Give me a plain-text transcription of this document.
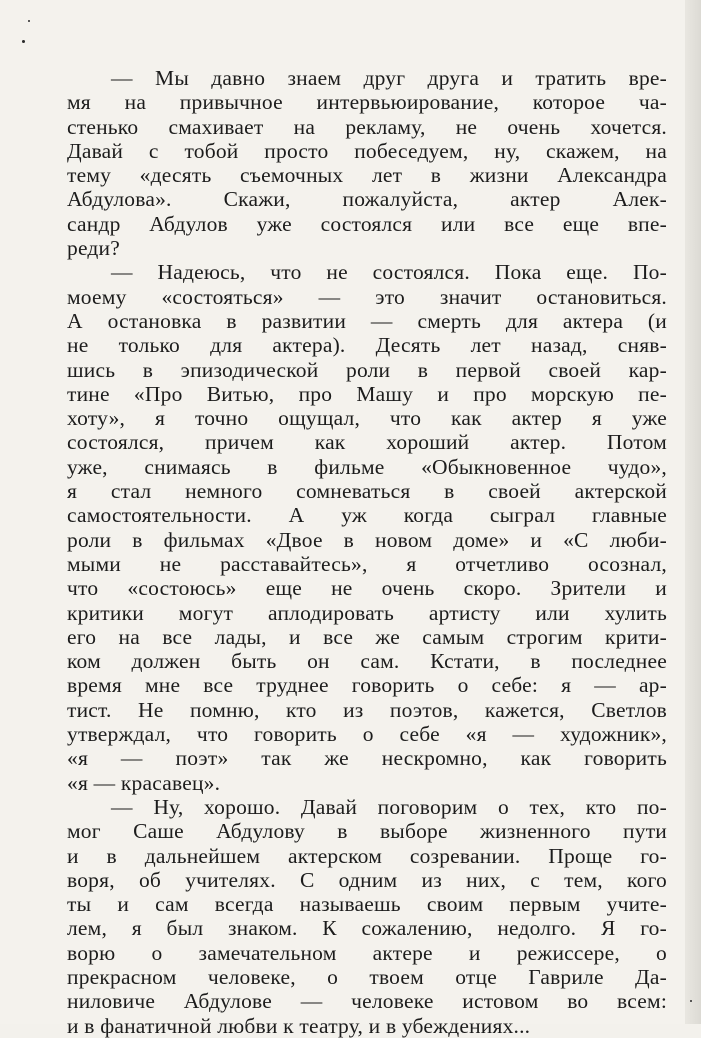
— Мы давно знаем друг друга и тратить вре-
мя на привычное интервьюирование, которое ча-
стенько смахивает на рекламу, не очень хочется.
Давай с тобой просто побеседуем, ну, скажем, на
тему «десять съемочных лет в жизни Александра
Абдулова». Скажи, пожалуйста, актер Алек-
сандр Абдулов уже состоялся или все еще впе-
реди?
— Надеюсь, что не состоялся. Пока еще. По-
моему «состояться» — это значит остановиться.
А остановка в развитии — смерть для актера (и
не только для актера). Десять лет назад, сняв-
шись в эпизодической роли в первой своей кар-
тине «Про Витью, про Машу и про морскую пе-
хоту», я точно ощущал, что как актер я уже
состоялся, причем как хороший актер. Потом
уже, снимаясь в фильме «Обыкновенное чудо»,
я стал немного сомневаться в своей актерской
самостоятельности. А уж когда сыграл главные
роли в фильмах «Двое в новом доме» и «С люби-
мыми не расставайтесь», я отчетливо осознал,
что «состоюсь» еще не очень скоро. Зрители и
критики могут аплодировать артисту или хулить
его на все лады, и все же самым строгим крити-
ком должен быть он сам. Кстати, в последнее
время мне все труднее говорить о себе: я — ар-
тист. Не помню, кто из поэтов, кажется, Светлов
утверждал, что говорить о себе «я — художник»,
«я — поэт» так же нескромно, как говорить
«я — красавец».
— Ну, хорошо. Давай поговорим о тех, кто по-
мог Саше Абдулову в выборе жизненного пути
и в дальнейшем актерском созревании. Проще го-
воря, об учителях. С одним из них, с тем, кого
ты и сам всегда называешь своим первым учите-
лем, я был знаком. К сожалению, недолго. Я го-
ворю о замечательном актере и режиссере, о
прекрасном человеке, о твоем отце Гавриле Да-
ниловиче Абдулове — человеке истовом во всем:
и в фанатичной любви к театру, и в убеждениях...
